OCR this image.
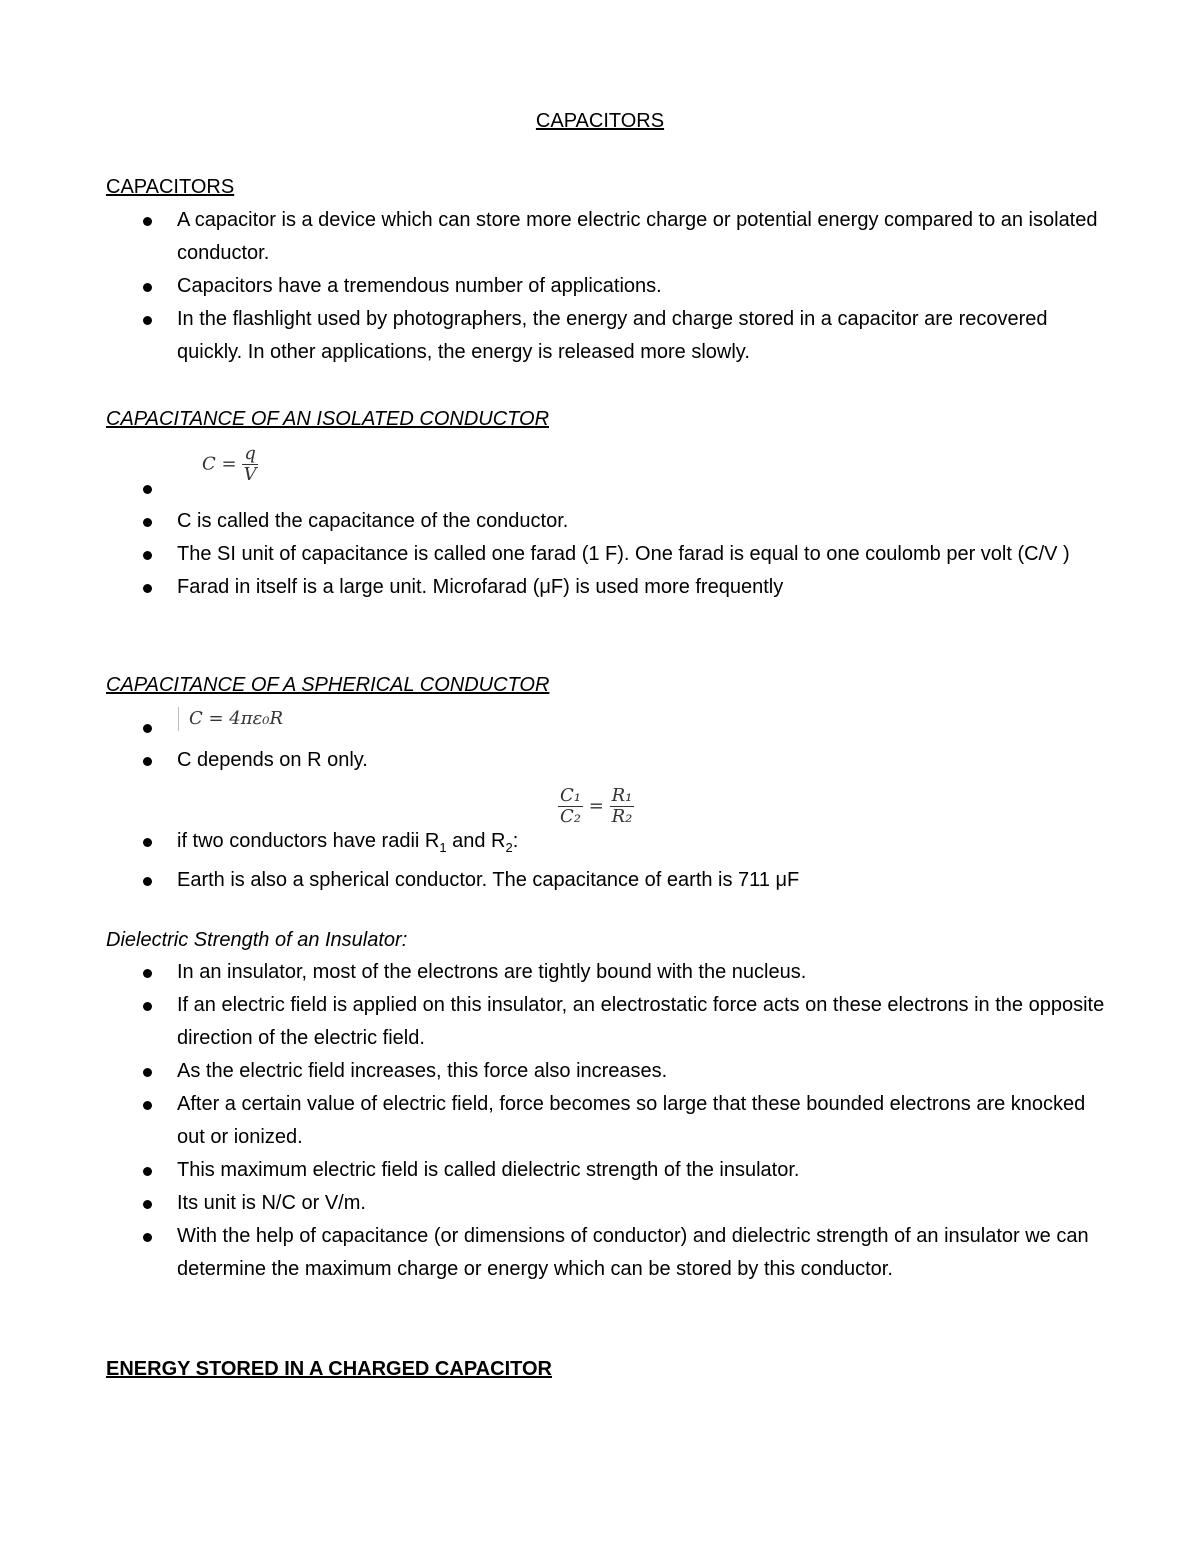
CAPACITORS
CAPACITORS
A capacitor is a device which can store more electric charge or potential energy compared to an isolated conductor.
Capacitors have a tremendous number of applications.
In the flashlight used by photographers, the energy and charge stored in a capacitor are recovered quickly. In other applications, the energy is released more slowly.
CAPACITANCE OF AN ISOLATED CONDUCTOR
$C = \frac{q}{V}$

C is called the capacitance of the conductor.
The SI unit of capacitance is called one farad (1 F). One farad is equal to one coulomb per volt (C/V )
Farad in itself is a large unit. Microfarad (μF) is used more frequently
CAPACITANCE OF A SPHERICAL CONDUCTOR
C = 4πε₀R

C depends on R only.
$\frac{\text{C₁}}{\text{C₂}} = \frac{\text{R₁}}{\text{R₂}}$
if two conductors have radii $R_1$ and $R_2$:
Earth is also a spherical conductor. The capacitance of earth is 711 μF
Dielectric Strength of an Insulator:
In an insulator, most of the electrons are tightly bound with the nucleus.
If an electric field is applied on this insulator, an electrostatic force acts on these electrons in the opposite direction of the electric field.
As the electric field increases, this force also increases.
After a certain value of electric field, force becomes so large that these bounded electrons are knocked out or ionized.
This maximum electric field is called dielectric strength of the insulator.
Its unit is N/C or V/m.
With the help of capacitance (or dimensions of conductor) and dielectric strength of an insulator we can determine the maximum charge or energy which can be stored by this conductor.
ENERGY STORED IN A CHARGED CAPACITOR
